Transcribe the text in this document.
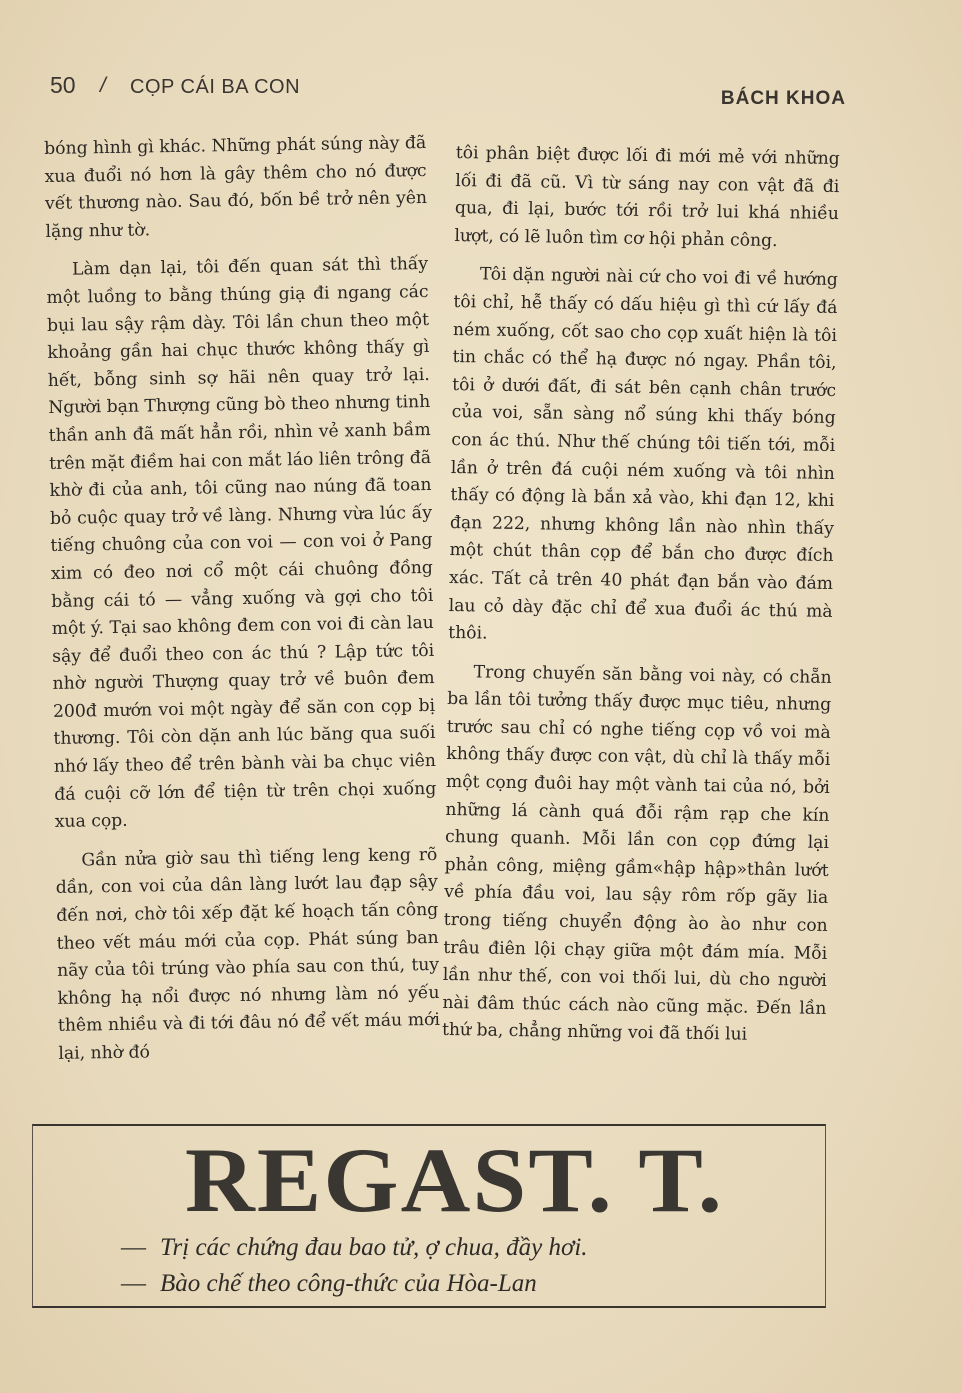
50 / CỌP CÁI BA CON
BÁCH KHOA

bóng hình gì khác. Những phát súng này đã xua đuổi nó hơn là gây thêm cho nó được vết thương nào. Sau đó, bốn bề trở nên yên lặng như tờ.

Làm dạn lại, tôi đến quan sát thì thấy một luồng to bằng thúng giạ đi ngang các bụi lau sậy rậm dày. Tôi lần chun theo một khoảng gần hai chục thước không thấy gì hết, bỗng sinh sợ hãi nên quay trở lại. Người bạn Thượng cũng bò theo nhưng tinh thần anh đã mất hẳn rồi, nhìn vẻ xanh bầm trên mặt điềm hai con mắt láo liên trông đã khờ đi của anh, tôi cũng nao núng đã toan bỏ cuộc quay trở về làng. Nhưng vừa lúc ấy tiếng chuông của con voi — con voi ở Pang xim có đeo nơi cổ một cái chuông đồng bằng cái tó — vẳng xuống và gợi cho tôi một ý. Tại sao không đem con voi đi càn lau sậy để đuổi theo con ác thú ? Lập tức tôi nhờ người Thượng quay trở về buôn đem 200đ mướn voi một ngày để săn con cọp bị thương. Tôi còn dặn anh lúc băng qua suối nhớ lấy theo để trên bành vài ba chục viên đá cuội cỡ lớn để tiện từ trên chọi xuống xua cọp.

Gần nửa giờ sau thì tiếng leng keng rõ dần, con voi của dân làng lướt lau đạp sậy đến nơi, chờ tôi xếp đặt kế hoạch tấn công theo vết máu mới của cọp. Phát súng ban nãy của tôi trúng vào phía sau con thú, tuy không hạ nổi được nó nhưng làm nó yếu thêm nhiều và đi tới đâu nó để vết máu mới lại, nhờ đó

tôi phân biệt được lối đi mới mẻ với những lối đi đã cũ. Vì từ sáng nay con vật đã đi qua, đi lại, bước tới rồi trở lui khá nhiều lượt, có lẽ luôn tìm cơ hội phản công.

Tôi dặn người nài cứ cho voi đi về hướng tôi chỉ, hễ thấy có dấu hiệu gì thì cứ lấy đá ném xuống, cốt sao cho cọp xuất hiện là tôi tin chắc có thể hạ được nó ngay. Phần tôi, tôi ở dưới đất, đi sát bên cạnh chân trước của voi, sẵn sàng nổ súng khi thấy bóng con ác thú. Như thế chúng tôi tiến tới, mỗi lần ở trên đá cuội ném xuống và tôi nhìn thấy có động là bắn xả vào, khi đạn 12, khi đạn 222, nhưng không lần nào nhìn thấy một chút thân cọp để bắn cho được đích xác. Tất cả trên 40 phát đạn bắn vào đám lau cỏ dày đặc chỉ để xua đuổi ác thú mà thôi.

Trong chuyến săn bằng voi này, có chẵn ba lần tôi tưởng thấy được mục tiêu, nhưng trước sau chỉ có nghe tiếng cọp vồ voi mà không thấy được con vật, dù chỉ là thấy mỗi một cọng đuôi hay một vành tai của nó, bởi những lá cành quá đỗi rậm rạp che kín chung quanh. Mỗi lần con cọp đứng lại phản công, miệng gầm«hập hập»thân lướt về phía đầu voi, lau sậy rôm rốp gãy lia trong tiếng chuyển động ào ào như con trâu điên lội chạy giữa một đám mía. Mỗi lần như thế, con voi thối lui, dù cho người nài đâm thúc cách nào cũng mặc. Đến lần thứ ba, chẳng những voi đã thối lui

REGAST. T.
— Trị các chứng đau bao tử, ợ chua, đầy hơi.
— Bào chế theo công-thức của Hòa-Lan
